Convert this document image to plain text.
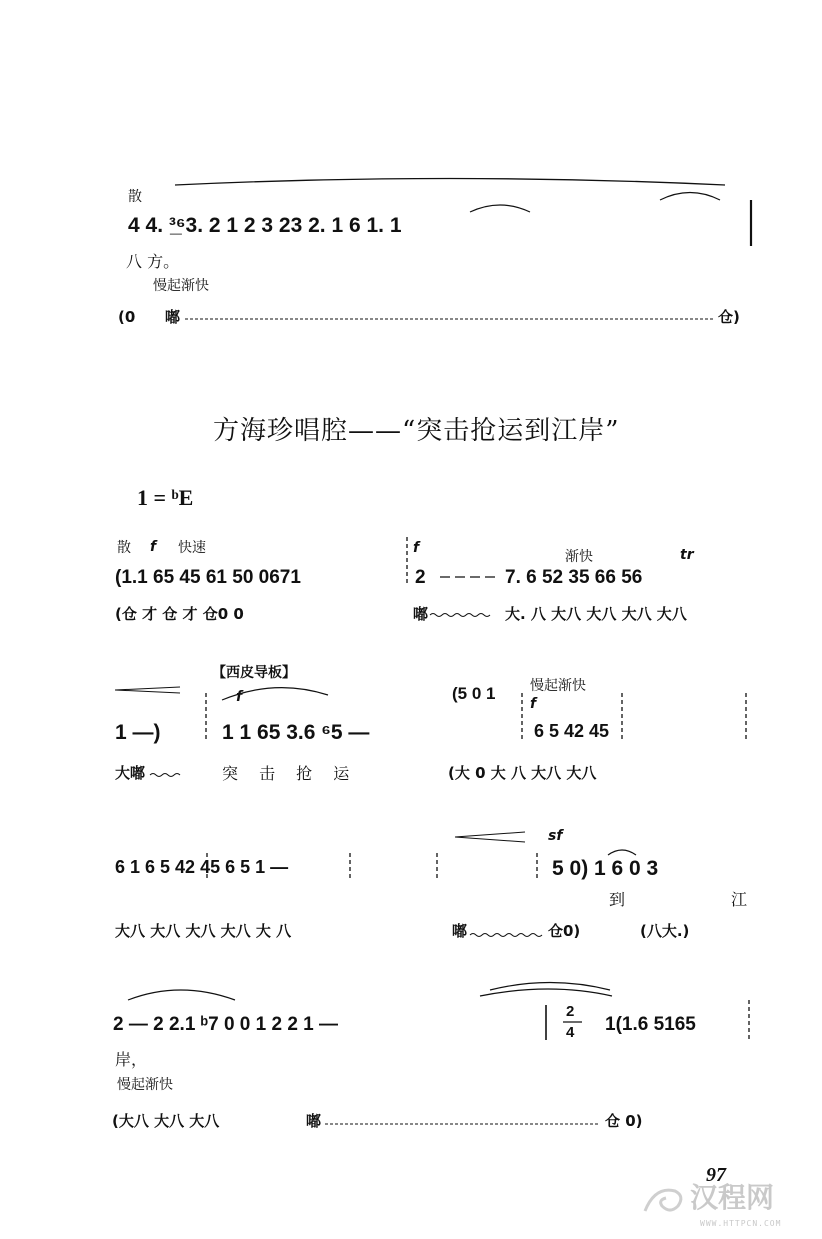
散
4 4. ³̲⁶3. 2 1 2 3 23 2. 1 6 1. 1
八 方。
慢起渐快
(0 嘟	仓)
方海珍唱腔——“突击抢运到江岸”
1 = ᵇE
散 f 快速	f
渐快	tr
(1.1 65 45 61 50 0671	2	7. 6 52 35 66 56
(仓 才 仓 才 仓0 0	嘟	大. 八 大八 大八 大八 大八
【西皮导板】
f	(5 0 1 慢起渐快
f
1 —)	1 1 65 3.6 ⁶5 —	6 5 42 45
大嘟	突 击 抢 运	(大 0 大 八 大八 大八
sf
6 1 6 5 42 45 6 5 1 —	5 0) 1 6 0 3
到	江
大八 大八 大八 大八 大 八	嘟	仓0)	(八大.)
2 — 2 2.1 ᵇ7 0 0 1 2 2 1 —
2
4 1(1.6 5165
岸，
慢起渐快
(大八 大八 大八	嘟	仓 0)
97
汉程网
WWW.HTTPCN.COM
